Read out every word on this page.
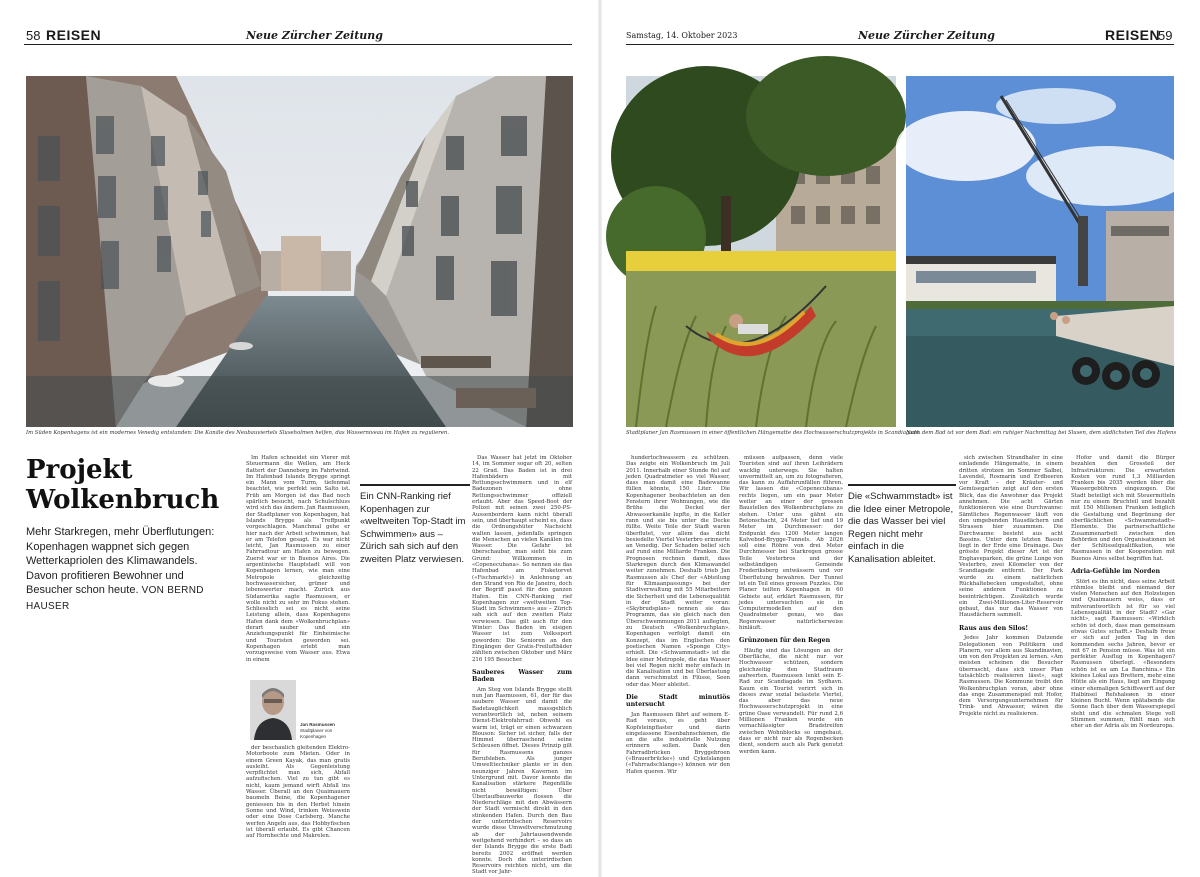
58 REISEN	Neue Zürcher Zeitung
Im Süden Kopenhagens ist ein modernes Venedig entstanden: Die Kanäle des Neubauviertels Sluseholmen helfen, das Wasserniveau im Hafen zu regulieren.
Projekt Wolkenbruch
Mehr Starkregen, mehr Überflutungen: Kopenhagen wappnet sich gegen Wetterkapriolen des Klimawandels. Davon profitieren Bewohner und Besucher schon heute. VON BERND HAUSER

Im Hafen schneidet ein Vierer mit Steuermann die Wellen, am Heck flattert der Danneborg im Fahrtwind. Im Hafenbad Islands Brygge springt ein Mann vom Turm, tiefenmal beachtet, wie perfekt sein Salto ist. Früh am Morgen ist das Bad noch spärlich besucht, nach Schulschluss wird sich das ändern. Jan Rasmussen, der Stadtplaner von Kopenhagen, hat Islands Brygge als Treffpunkt vorgeschlagen. Manchmal gehe er hier nach der Arbeit schwimmen, hat er am Telefon gesagt. Es war nicht leicht, Jan Rasmussen zu einer Fahrradtour am Hafen zu bewegen. Zuerst war er in Buenos Aires. Die argentinische Hauptstadt will von Kopenhagen lernen, wie man eine Metropole gleichzeitig hochwassersicher, grüner und lebenswerter macht. Zurück aus Südamerika sagte Rasmussen, er wolle nicht zu sehr im Fokus stehen. Schliesslich sei es nicht seine Leistung allein, dass Kopenhagens Hafen dank dem «Wolkenbruchplan» derart sauber und ein Anziehungspunkt für Einheimische und Touristen geworden sei. Kopenhagen erlebt man vorzugsweise vom Wasser aus. Etwa in einem

Jan Rasmussen
Stadtplaner von Kopenhagen

der beschaulich gleitenden Elektro-Motorboote zum Mieten. Oder in einem Green Kayak, das man gratis ausleiht. Als Gegenleistung verpflichtet man sich, Abfall aufzufischen. Viel zu tun gibt es nicht, kaum jemand wirft Abfall ins Wasser. Überall an den Quaimauern baumeln Beine, die Kopenhagener geniessen bis in den Herbst hinein Sonne und Wind, trinken Weisswein oder eine Dose Carlsberg. Manche werfen Angeln aus, das Hobbyfischen ist überall erlaubt. Es gibt Chancen auf Hornhechte und Makrelen.

Ein CNN-Ranking rief Kopenhagen zur «weltweiten Top-Stadt im Schwimmen» aus – Zürich sah sich auf den zweiten Platz verwiesen.

Das Wasser hat jetzt im Oktober 14, im Sommer sogar oft 20, selten 22 Grad. Das Baden ist in drei Hafenbädern mit Rettungsschwimmern und in elf Badezonen ohne Rettungsschwimmer offiziell erlaubt. Aber das Speed-Boot der Polizei mit seinen zwei 250-PS-Aussenbordern kann nicht überall sein, und überhaupt scheint es, dass die Ordnungshüter Nachsicht walten lassen, jedenfalls springen die Menschen an vielen Kanälen ins Wasser. Die Gefahr ist überschaubar, man sieht bis zum Grund: Willkommen in «Copenecubana». So nennen sie das Hafenbad am Fisketorvet («Fischmarkt») in Anlehnung an den Strand von Rio de Janeiro, doch der Begriff passt für den ganzen Hafen. Ein CNN-Ranking rief Kopenhagen zur «weltweiten Top-Stadt im Schwimmen» aus – Zürich sah sich auf den zweiten Platz verwiesen. Das gilt auch für den Winter: Das Baden im eisigen Wasser ist zum Volkssport geworden: Die Senioren an den Eingängen der Gratis-Freiluftbäder zählten zwischen Oktober und März 216 195 Besucher.

Sauberes Wasser zum Baden

Am Steg von Islands Brygge stellt nun Jan Rasmussen, 61, der für das saubere Wasser und damit die Badetauglichkeit massgeblich verantwortlich ist, neben seinem Dienst-Elektrofahrrad: Obwohl es warm ist, trägt er einen schwarzen Blouson: Sicher ist sicher, falls der Himmel überraschend seine Schleusen öffnet. Dieses Prinzip gilt für Rasmussens ganzes Berufsleben. Als junger Umwelttechniker plante er in den neunziger Jahren Kavernen im Untergrund mit. Davor konnte die Kanalisation stärkere Regenfälle nicht bewältigen: Über Überlaufbauwerke flossen die Niederschläge mit den Abwässern der Stadt vermischt direkt in den stinkenden Hafen. Durch den Bau der unterirdischen Reservoirs wurde diese Umweltverschmutzung ab der Jahrtausendwende weitgehend verhindert – so dass an der Islands Brygge die erste Badi bereits 2002 eröffnet werden konnte. Doch die unterirdischen Reservoirs reichten nicht, um die Stadt vor Jahr-

Samstag, 14. Oktober 2023	Neue Zürcher Zeitung	REISEN
59
Stadtplaner Jan Rasmussen in einer öffentlichen Hängematte des Hochwasserschutzprojekts in Scandiagade.
Nach dem Bad ist vor dem Bad: ein ruhiger Nachmittag bei Slusen, dem südlichsten Teil des Hafens

hundertochwassern zu schützen. Das zeigte ein Wolkenbruch im Juli 2011. Innerhalb einer Stunde fiel auf jeden Quadratmeter so viel Wasser, dass man damit eine Badewanne füllen könnte, 150 Liter. Die Kopenhagener beobachteten an den Fenstern ihrer Wohnungen, wie die Brühe die Deckel der Abwasserkanäle lupfte, in die Keller rann und sie bis unter die Decke füllte. Weite Teile der Stadt waren überflutet, vor allem das dicht besiedelte Viertel Vesterbro erinnerte an Venedig. Der Schaden belief sich auf rund eine Milliarde Franken. Die Prognosen rechnen damit, dass Starkregen durch den Klimawandel weiter zunehmen. Deshalb trieb Jan Rasmussen als Chef der «Abteilung für Klimaanpassung» bei der Stadtverwaltung mit 55 Mitarbeitern die Sicherheit und die Lebensqualität in der Stadt weiter voran: «Skybrudsplan» nennen sie das Programm, das sie gleich nach den Überschwemmungen 2011 auflegten, zu Deutsch «Wolkenbruchplan». Kopenhagen verfolgt damit ein Konzept, das im Englischen den poetischen Namen «Sponge City» erhielt. Die «Schwammstadt» ist die Idee einer Metropole, die das Wasser bei viel Regen nicht mehr einfach in die Kanalisation und bei Überlastung dann verschmutzt in Flüsse, Seen oder das Meer ableitet.

Die Stadt minutiös untersucht

Jan Rasmussen fährt auf seinem E-Rad voraus, es geht über Kopfsteinpflaster und darin eingelassene Eisenbahnschienen, die an die alte industrielle Nutzung erinnern sollen. Dank den Fahrradbrücken Bryggebroen («Brauerbrücke») und Cykelslangen («Fahrradschlange») können wir den Hafen queren. Wir

müssen aufpassen, denn viele Touristen sind auf ihren Leihrädern wacklig unterwegs. Sie halten unvermittelt an, um zu fotografieren, das kann zu Auffahrunfällen führen. Wir lassen die «Copenecubana» rechts liegen, um ein paar Meter weiter an einer der grossen Baustellen des Wolkenbruchplans zu stehen. Unter uns gähnt ein Betonschacht, 24 Meter tief und 19 Meter im Durchmesser: der Endpunkt des 1200 Meter langen Kalvebod-Brygge-Tunnels. Ab 2026 soll eine Röhre von drei Meter Durchmesser bei Starkregen grosse Teile Vesterbros und der selbständigen Gemeinde Frederiksberg entwässern und vor Überflutung bewahren. Der Tunnel ist ein Teil eines grossen Puzzles. Die Planer teilten Kopenhagen in 60 Gebiete auf, erklärt Rasmussen, für jedes untersuchten sie in Computermodellen auf den Quadratmeter genau, wo das Regenwasser natürlicherweise hinläuft.

Grünzonen für den Regen

Häufig sind das Lösungen an der Oberfläche, die nicht nur vor Hochwasser schützen, sondern gleichzeitig den Stadtraum aufwerten. Rasmussen lenkt sein E-Rad zur Scandiagade im Sydhavn. Kaum ein Tourist verirrt sich in dieses zwar sozial belastete Viertel, das aber das neue Hochwasserschutzprojekt in eine grüne Oase verwandelt. Für rund 2,6 Millionen Franken wurde ein vernachlässigter Bradstreifen zwischen Wohnblocks so umgebaut, dass er nicht nur als Regenbecken dient, sondern auch als Park genutzt werden kann.

Die «Schwammstadt» ist die Idee einer Metropole, die das Wasser bei viel Regen nicht mehr einfach in die Kanalisation ableitet.

sich zwischen Strandhafer in eine einladende Hängematte, in einem dritten strotzen im Sommer Salbei, Lavendel, Rosmarin und Erdbeeren vor Kraft – der Kräuter- und Gemüsegarten zeigt auf den ersten Blick, das die Anwohner das Projekt annehmen. Die acht Gärten funktionieren wie eine Durchwanne: Sämtliches Regenwasser läuft von den umgebenden Hausdächern und Strassen hier zusammen. Die Durchwanne besteht aus acht Bassins. Unter dem letzten Bassin liegt in der Erde eine Drainage. Das grösste Projekt dieser Art ist der Enghaveparken, die grüne Lunge von Vesterbro, zwei Kilometer von der Scandiagade entfernt. Der Park wurde zu einem natürlichen Rückhaltebecken umgestaltet, ohne seine anderen Funktionen zu beeinträchtigen. Zusätzlich wurde ein Zwei-Millionen-Liter-Reservoir gebaut, das nur das Wasser von Hausdächern sammelt.

Raus aus den Silos!

Jedes Jahr kommen Dutzende Delegationen von Politikern und Planern, vor allem aus Skandinavien, um von den Projekten zu lernen. «Am meisten scheinen die Besucher überrascht, dass sich unser Plan tatsächlich realisieren lässt», sagt Rasmussen. Die Kommune treibt den Wolkenbruchplan voran, aber ohne das enge Zusammenspiel mit Hofor, dem Versorgungsunternehmen für Trink- und Abwasser, wären die Projekte nicht zu realisieren.

Hofor und damit die Bürger bezahlen den Grossteil der Infrastrukturen: Die erwarteten Kosten von rund 1,3 Milliarden Franken bis 2035 werden über die Wassergebühren eingezogen. Die Stadt beteiligt sich mit Steuermitteln nur zu einem Bruchteil und bezahlt mit 150 Millionen Franken lediglich die Gestaltung und Begrünung der oberflächlichen «Schwammstadt»-Elemente. Die partnerschaftliche Zusammenarbeit zwischen den Behörden und den Organisationen ist der Schlüsselqualifikation, wie Rasmussen in der Kooperation mit Buenos Aires selbst begriffen hat.

Adria-Gefühle im Norden

Stört es ihn nicht, dass seine Arbeit rühmlos bleibt und niemand der vielen Menschen auf den Holzstegen und Quaimauern weiss, dass er mitverantwortlich ist für so viel Lebensqualität in der Stadt? «Gar nicht», sagt Rasmussen: «Wirklich schön ist doch, dass man gemeinsam etwas Gutes schafft.» Deshalb freue er sich auf jeden Tag in den kommenden sechs Jahren, bevor er mit 67 in Pension müsse. Was ist ein perfekter Ausflug in Kopenhagen? Rasmussen überlegt. «Besonders schön ist es am La Banchina.» Ein kleines Lokal aus Brettern, mehr eine Hütte als ein Haus, liegt am Eingang einer ehemaligen Schiffswerft auf der Halbinsel Refshaleøen in einer kleinen Bucht. Wenn spätabends die Sonne flach über dem Wasserspiegel steht und die schmalen Stege voll Stimmen summen, fühlt man sich eher an der Adria als im Nordeuropa.
